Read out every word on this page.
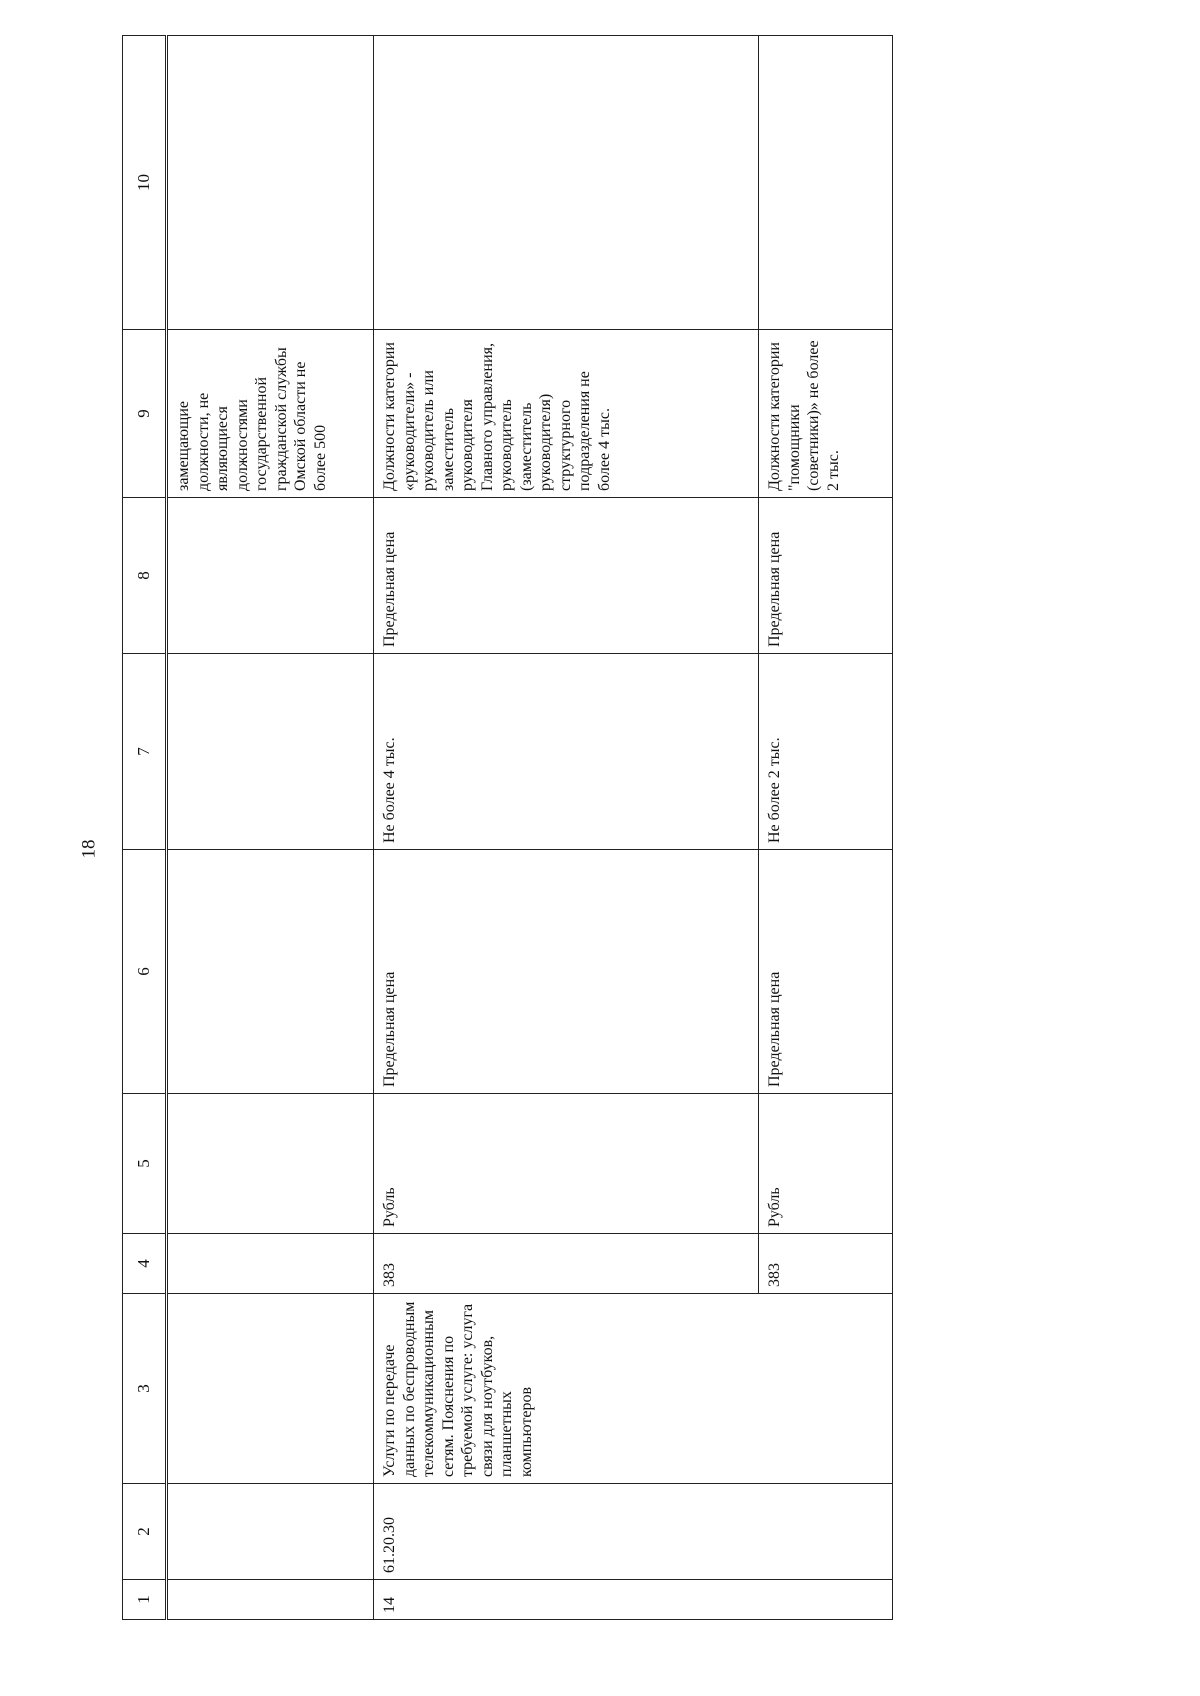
18
1	2	3	4	5	6	7	8	9	10
								замещающие должности, не являющиеся должностями государственной гражданской службы Омской области не более 500	
14	61.20.30	Услуги по передаче данных по беспроводным телекоммуникационным сетям. Пояснения по требуемой услуге: услуга связи для ноутбуков, планшетных компьютеров	383	Рубль	Предельная цена	Не более 4 тыс.	Предельная цена	Должности категории «руководители» - руководитель или заместитель руководителя Главного управления, руководитель (заместитель руководителя) структурного подразделения не более 4 тыс.	
			383	Рубль	Предельная цена	Не более 2 тыс.	Предельная цена	Должности категории "помощники (советники)» не более 2 тыс.	
